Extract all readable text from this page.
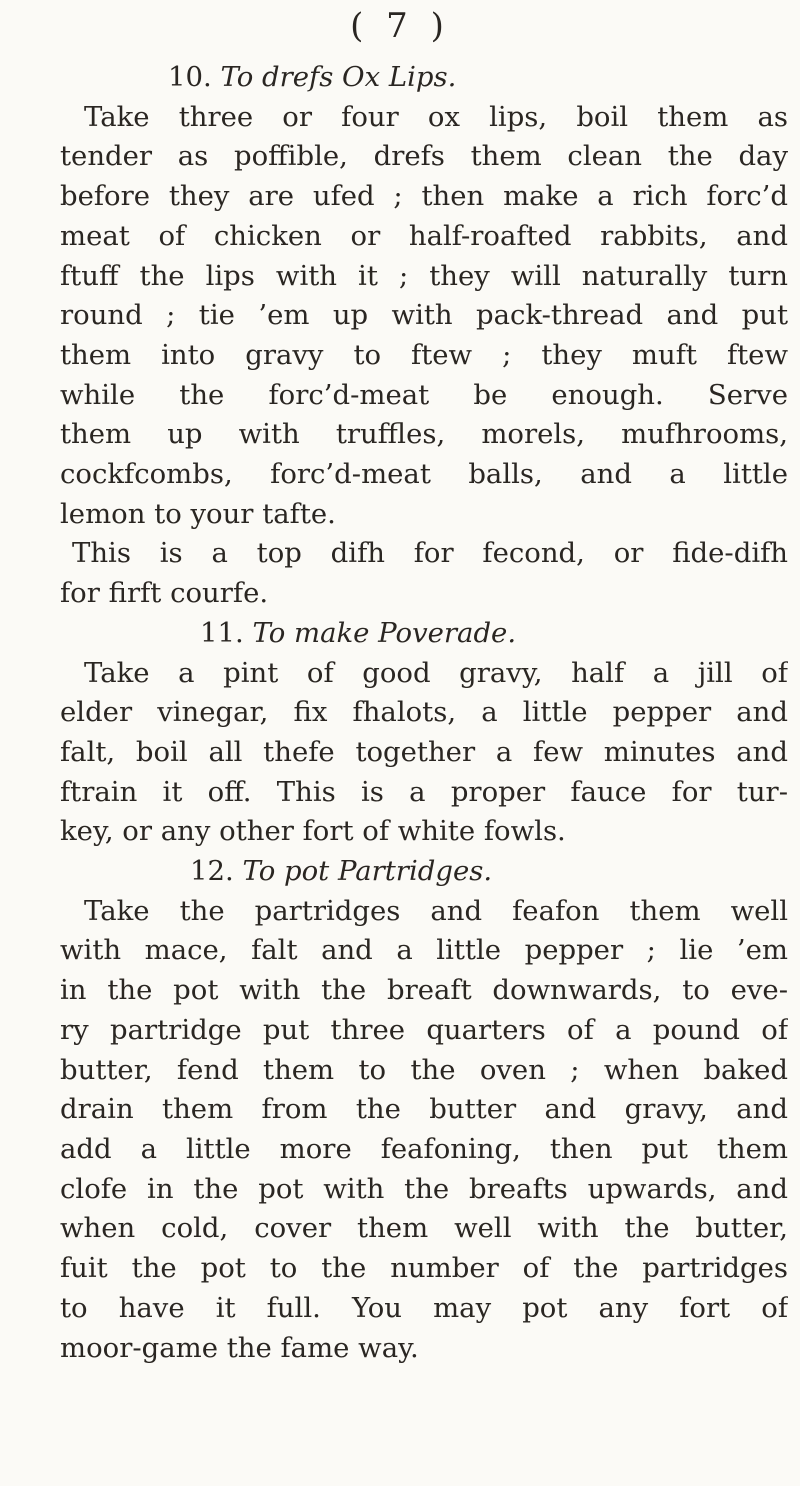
( 7 )
10. To drefs Ox Lips.
Take three or four ox lips, boil them as
tender as poffible, drefs them clean the day
before they are ufed ; then make a rich forc’d
meat of chicken or half-roafted rabbits, and
ftuff the lips with it ; they will naturally turn
round ; tie ’em up with pack-thread and put
them into gravy to ftew ; they muft ftew
while the forc’d-meat be enough. Serve
them up with truffles, morels, mufhrooms,
cockfcombs, forc’d-meat balls, and a little
lemon to your tafte.
This is a top difh for fecond, or fide-difh
for firft courfe.
11. To make Poverade.
Take a pint of good gravy, half a jill of
elder vinegar, fix fhalots, a little pepper and
falt, boil all thefe together a few minutes and
ftrain it off. This is a proper fauce for tur-
key, or any other fort of white fowls.
12. To pot Partridges.
Take the partridges and feafon them well
with mace, falt and a little pepper ; lie ’em
in the pot with the breaft downwards, to eve-
ry partridge put three quarters of a pound of
butter, fend them to the oven ; when baked
drain them from the butter and gravy, and
add a little more feafoning, then put them
clofe in the pot with the breafts upwards, and
when cold, cover them well with the butter,
fuit the pot to the number of the partridges
to have it full. You may pot any fort of
moor-game the fame way.
